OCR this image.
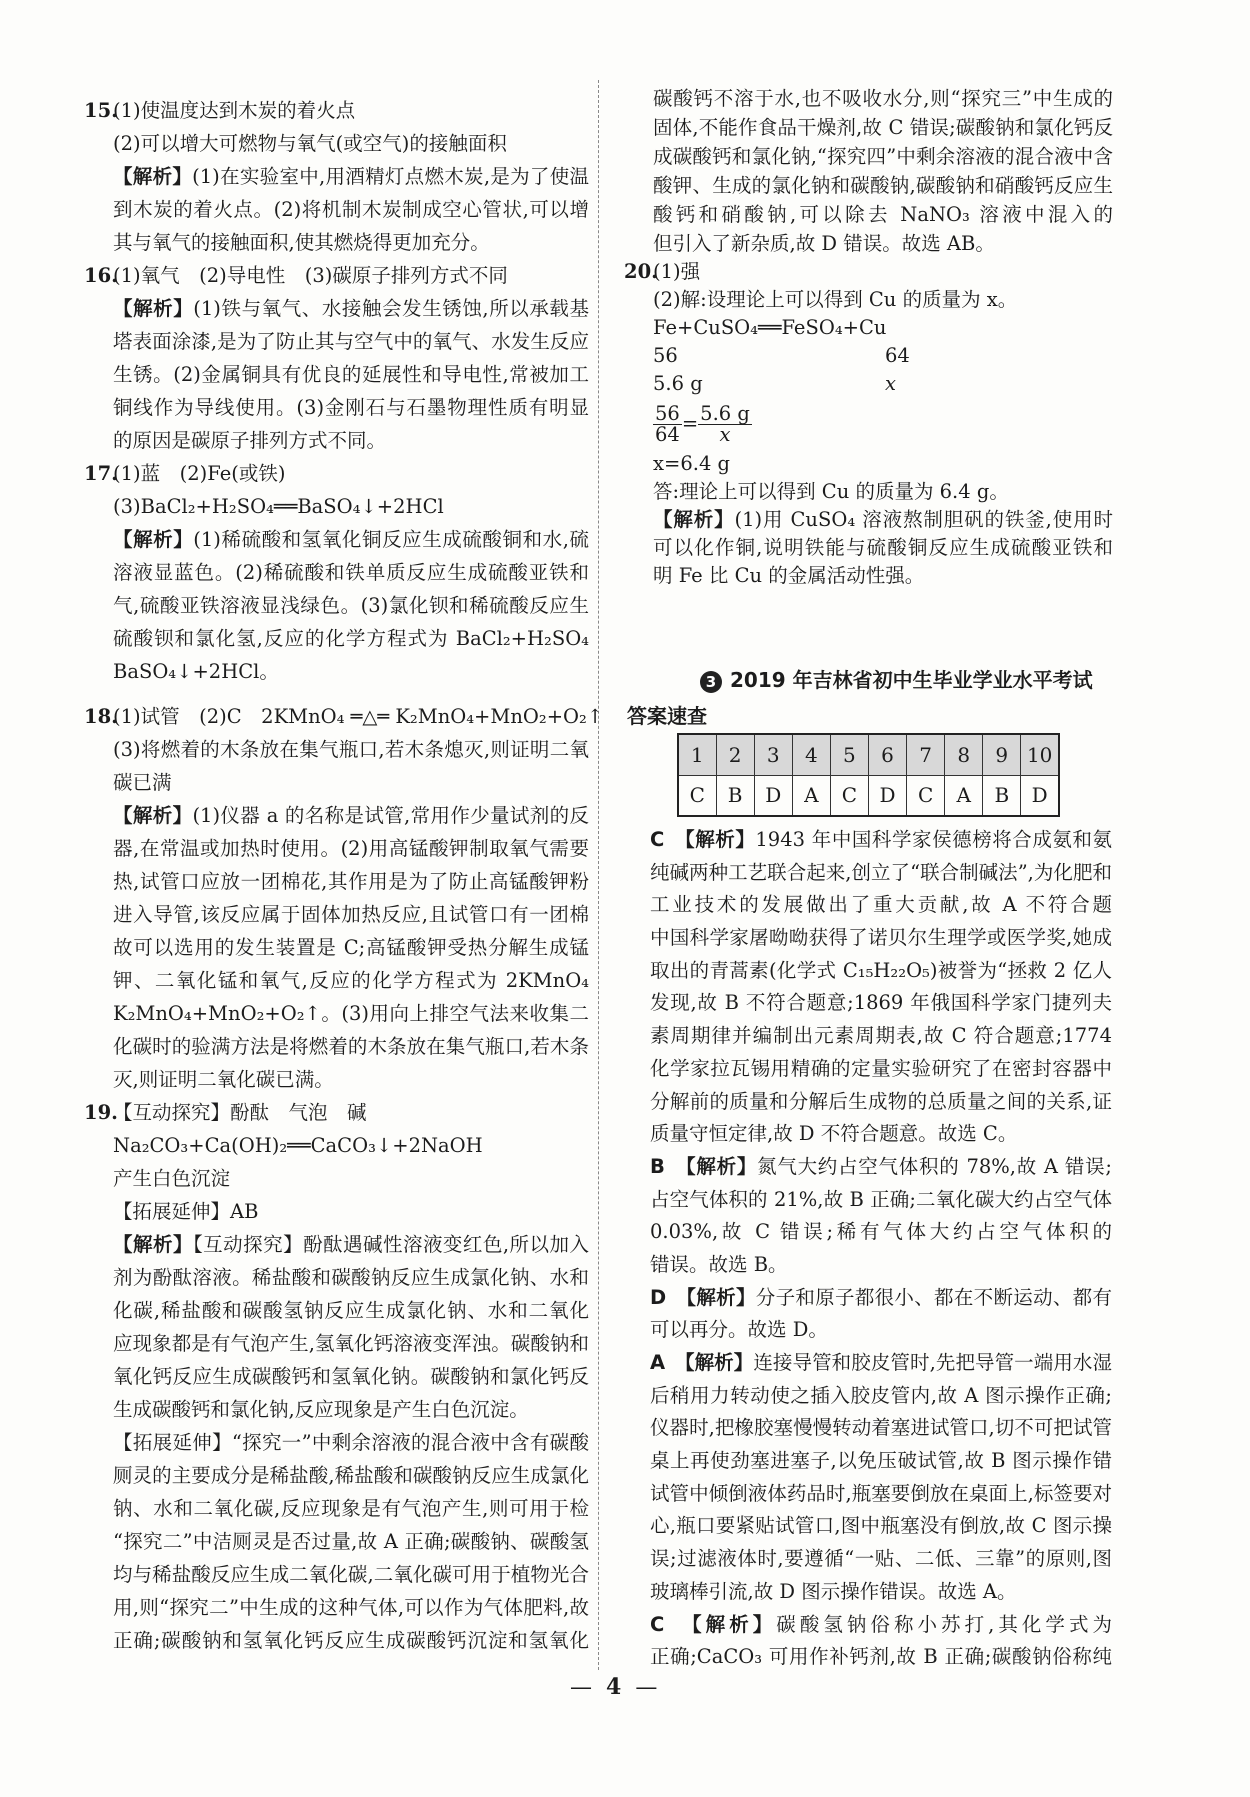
15.
(1)使温度达到木炭的着火点
(2)可以增大可燃物与氧气(或空气)的接触面积
【解析】(1)在实验室中,用酒精灯点燃木炭,是为了使温
到木炭的着火点。(2)将机制木炭制成空心管状,可以增
其与氧气的接触面积,使其燃烧得更加充分。
16.
(1)氧气　(2)导电性　(3)碳原子排列方式不同
【解析】(1)铁与氧气、水接触会发生锈蚀,所以承载基
塔表面涂漆,是为了防止其与空气中的氧气、水发生反应
生锈。(2)金属铜具有优良的延展性和导电性,常被加工
铜线作为导线使用。(3)金刚石与石墨物理性质有明显
的原因是碳原子排列方式不同。
17.
(1)蓝　(2)Fe(或铁)
(3)BaCl₂+H₂SO₄══BaSO₄↓+2HCl
【解析】(1)稀硫酸和氢氧化铜反应生成硫酸铜和水,硫
溶液显蓝色。(2)稀硫酸和铁单质反应生成硫酸亚铁和
气,硫酸亚铁溶液显浅绿色。(3)氯化钡和稀硫酸反应生
硫酸钡和氯化氢,反应的化学方程式为 BaCl₂+H₂SO₄
BaSO₄↓+2HCl。
18.
(1)试管　(2)C　2KMnO₄ ═△═ K₂MnO₄+MnO₂+O₂↑
(3)将燃着的木条放在集气瓶口,若木条熄灭,则证明二氧
碳已满
【解析】(1)仪器 a 的名称是试管,常用作少量试剂的反
器,在常温或加热时使用。(2)用高锰酸钾制取氧气需要
热,试管口应放一团棉花,其作用是为了防止高锰酸钾粉
进入导管,该反应属于固体加热反应,且试管口有一团棉
故可以选用的发生装置是 C;高锰酸钾受热分解生成锰
钾、二氧化锰和氧气,反应的化学方程式为 2KMnO₄
K₂MnO₄+MnO₂+O₂↑。(3)用向上排空气法来收集二
化碳时的验满方法是将燃着的木条放在集气瓶口,若木条
灭,则证明二氧化碳已满。
19.
【互动探究】酚酞　气泡　碱
Na₂CO₃+Ca(OH)₂══CaCO₃↓+2NaOH
产生白色沉淀
【拓展延伸】AB
【解析】【互动探究】酚酞遇碱性溶液变红色,所以加入
剂为酚酞溶液。稀盐酸和碳酸钠反应生成氯化钠、水和
化碳,稀盐酸和碳酸氢钠反应生成氯化钠、水和二氧化
应现象都是有气泡产生,氢氧化钙溶液变浑浊。碳酸钠和
氧化钙反应生成碳酸钙和氢氧化钠。碳酸钠和氯化钙反
生成碳酸钙和氯化钠,反应现象是产生白色沉淀。
【拓展延伸】“探究一”中剩余溶液的混合液中含有碳酸
厕灵的主要成分是稀盐酸,稀盐酸和碳酸钠反应生成氯化
钠、水和二氧化碳,反应现象是有气泡产生,则可用于检
“探究二”中洁厕灵是否过量,故 A 正确;碳酸钠、碳酸氢
均与稀盐酸反应生成二氧化碳,二氧化碳可用于植物光合
用,则“探究二”中生成的这种气体,可以作为气体肥料,故
正确;碳酸钠和氢氧化钙反应生成碳酸钙沉淀和氢氧化
碳酸钙不溶于水,也不吸收水分,则“探究三”中生成的
固体,不能作食品干燥剂,故 C 错误;碳酸钠和氯化钙反
成碳酸钙和氯化钠,“探究四”中剩余溶液的混合液中含
酸钾、生成的氯化钠和碳酸钠,碳酸钠和硝酸钙反应生
酸钙和硝酸钠,可以除去 NaNO₃ 溶液中混入的
但引入了新杂质,故 D 错误。故选 AB。
20.
(1)强
(2)解:设理论上可以得到 Cu 的质量为 x。
Fe+CuSO₄══FeSO₄+Cu
56	64
5.6 g	x
$\frac{56}{64} = \frac{5.6 g}{x}$
x=6.4 g
答:理论上可以得到 Cu 的质量为 6.4 g。
【解析】(1)用 CuSO₄ 溶液熬制胆矾的铁釜,使用时
可以化作铜,说明铁能与硫酸铜反应生成硫酸亚铁和
明 Fe 比 Cu 的金属活动性强。
3 2019 年吉林省初中生毕业学业水平考试
答案速查
1	2	3	4	5	6	7	8	9	10
C	B	D	A	C	D	C	A	B	D
C　【解析】1943 年中国科学家侯德榜将合成氨和氨
纯碱两种工艺联合起来,创立了“联合制碱法”,为化肥和
工业技术的发展做出了重大贡献,故 A 不符合题
中国科学家屠呦呦获得了诺贝尔生理学或医学奖,她成
取出的青蒿素(化学式 C₁₅H₂₂O₅)被誉为“拯救 2 亿人
发现,故 B 不符合题意;1869 年俄国科学家门捷列夫
素周期律并编制出元素周期表,故 C 符合题意;1774
化学家拉瓦锡用精确的定量实验研究了在密封容器中
分解前的质量和分解后生成物的总质量之间的关系,证
质量守恒定律,故 D 不符合题意。故选 C。
B　【解析】氮气大约占空气体积的 78%,故 A 错误;
占空气体积的 21%,故 B 正确;二氧化碳大约占空气体
0.03%,故 C 错误;稀有气体大约占空气体积的
错误。故选 B。
D　【解析】分子和原子都很小、都在不断运动、都有
可以再分。故选 D。
A　【解析】连接导管和胶皮管时,先把导管一端用水湿
后稍用力转动使之插入胶皮管内,故 A 图示操作正确;
仪器时,把橡胶塞慢慢转动着塞进试管口,切不可把试管
桌上再使劲塞进塞子,以免压破试管,故 B 图示操作错
试管中倾倒液体药品时,瓶塞要倒放在桌面上,标签要对
心,瓶口要紧贴试管口,图中瓶塞没有倒放,故 C 图示操
误;过滤液体时,要遵循“一贴、二低、三靠”的原则,图
玻璃棒引流,故 D 图示操作错误。故选 A。
C　【解析】碳酸氢钠俗称小苏打,其化学式为
正确;CaCO₃ 可用作补钙剂,故 B 正确;碳酸钠俗称纯
— 4 —
